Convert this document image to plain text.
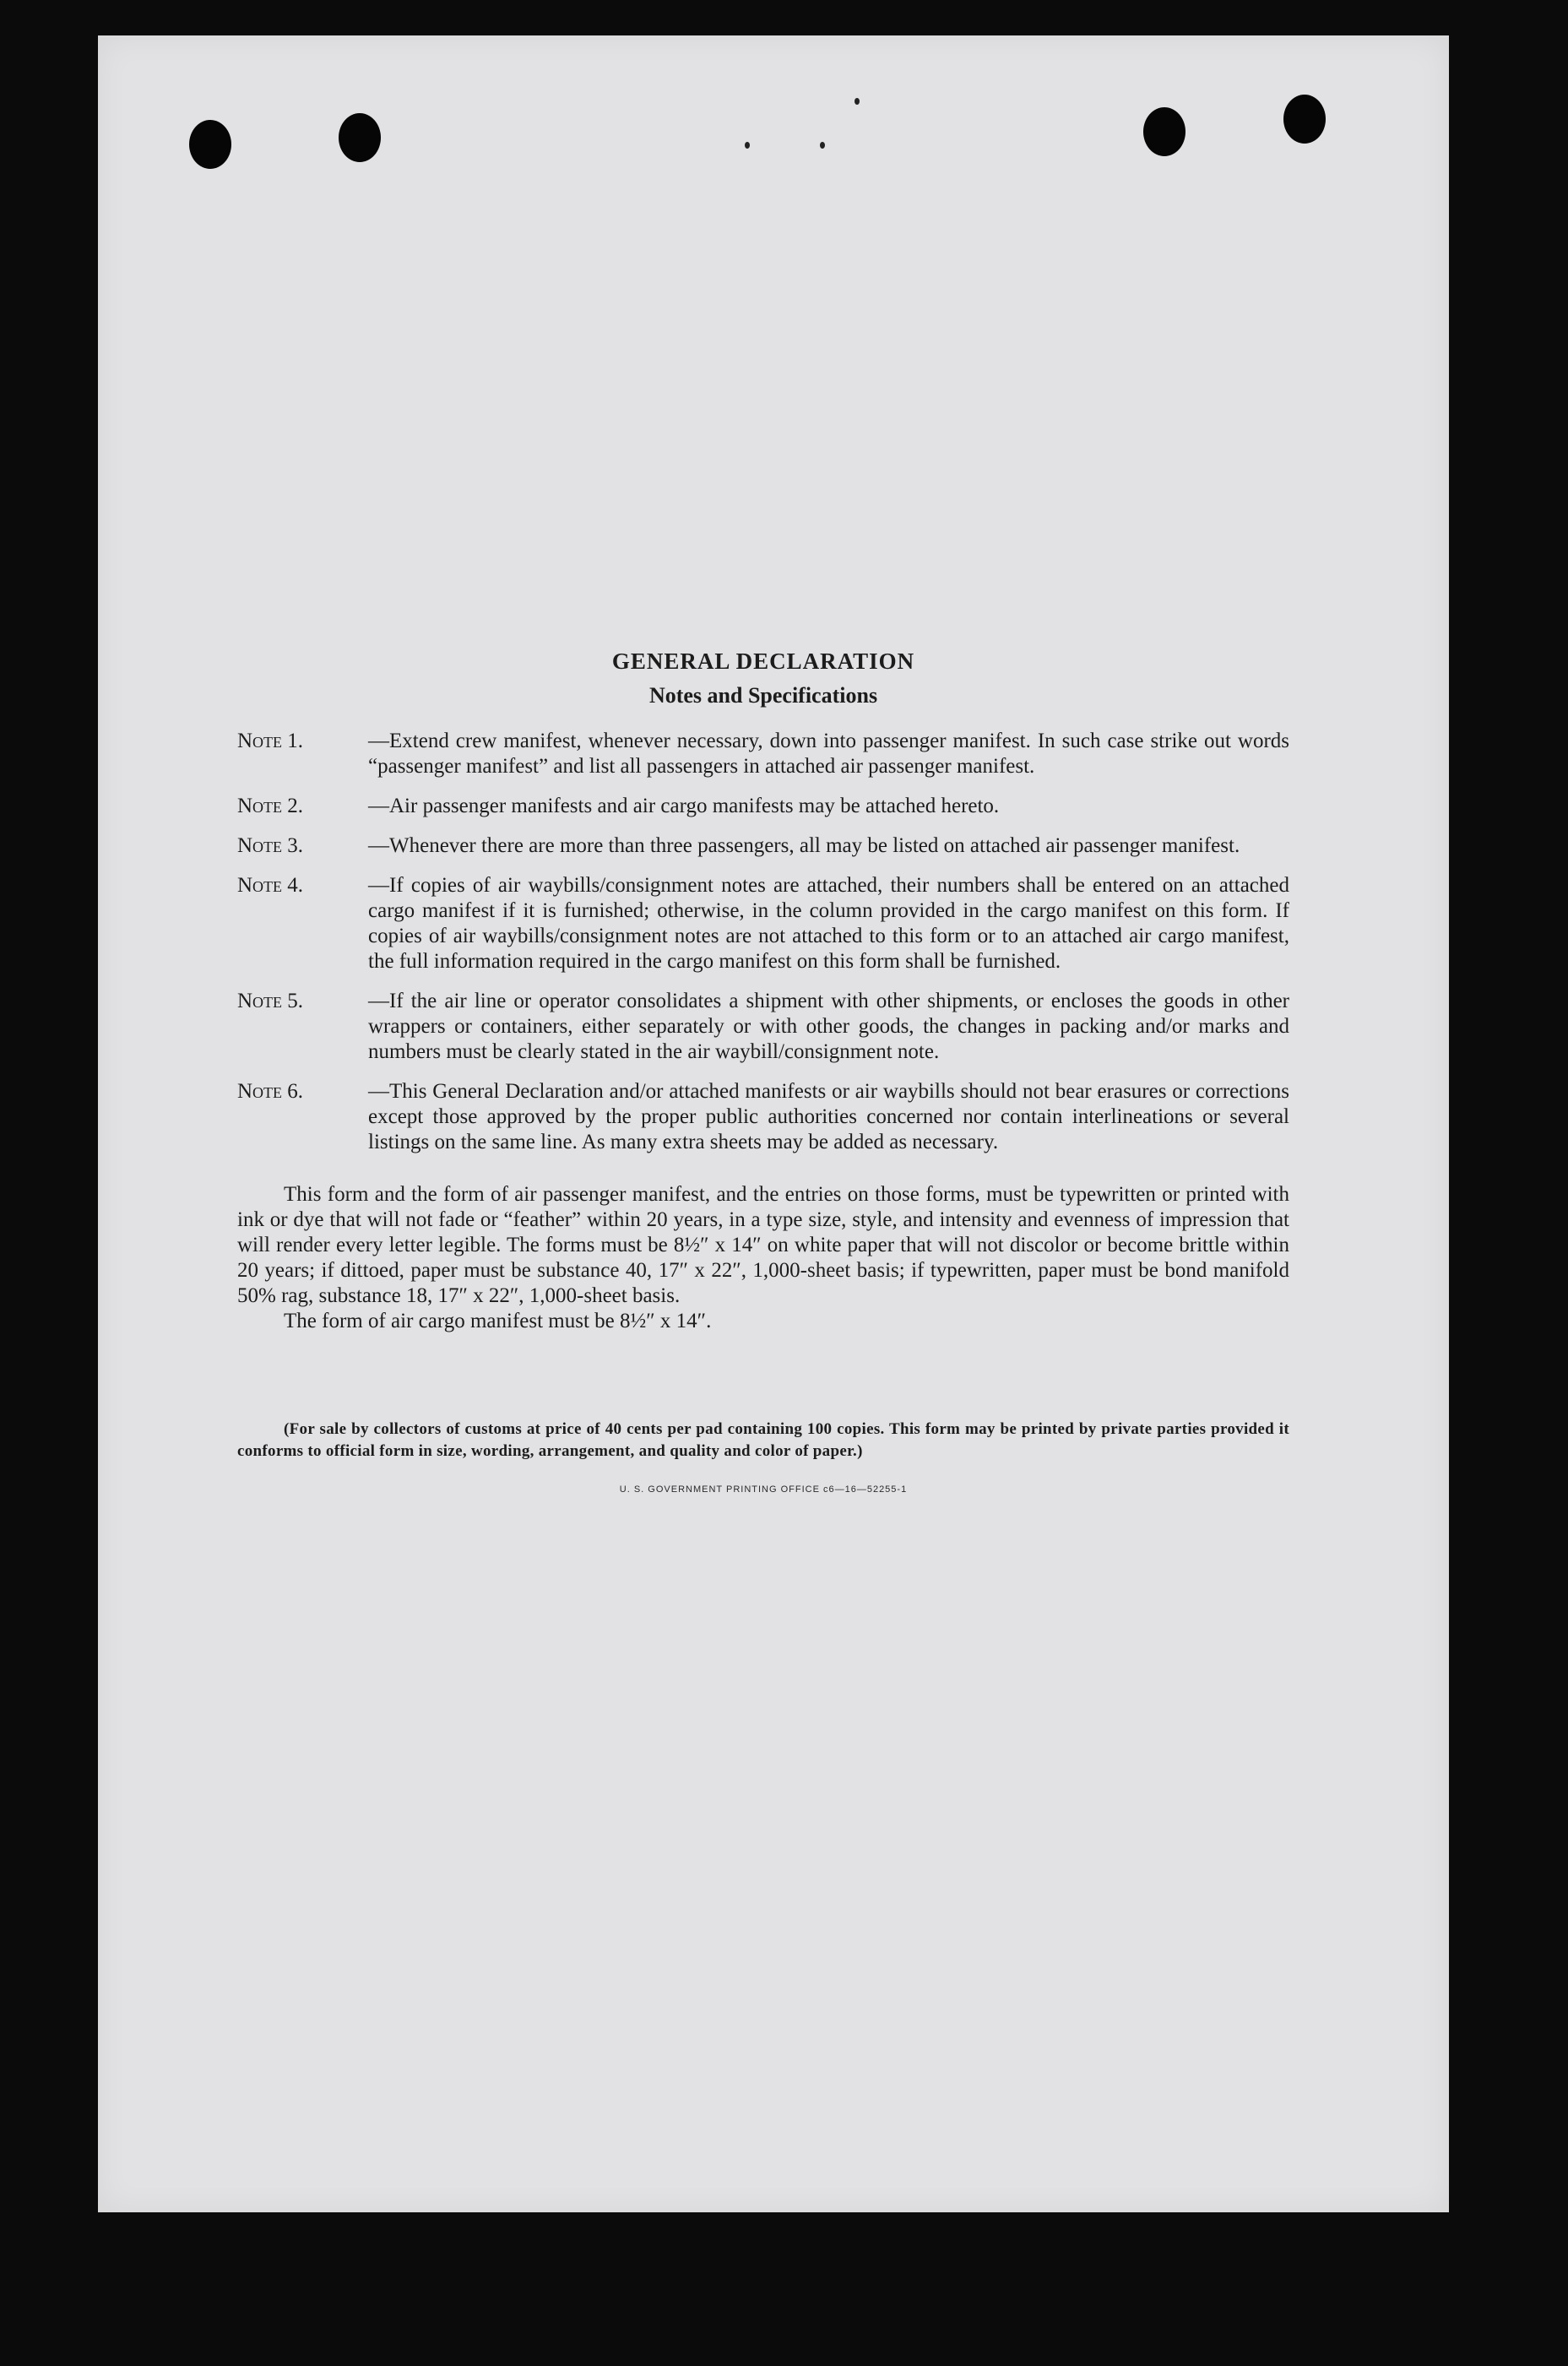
GENERAL DECLARATION
Notes and Specifications
Note 1.	—Extend crew manifest, whenever necessary, down into passenger manifest. In such case strike out words “passenger manifest” and list all passengers in attached air passenger manifest.
Note 2.	—Air passenger manifests and air cargo manifests may be attached hereto.
Note 3.	—Whenever there are more than three passengers, all may be listed on attached air passenger manifest.
Note 4.	—If copies of air waybills/consignment notes are attached, their numbers shall be entered on an attached cargo manifest if it is furnished; otherwise, in the column provided in the cargo manifest on this form. If copies of air waybills/consignment notes are not attached to this form or to an attached air cargo manifest, the full information required in the cargo manifest on this form shall be furnished.
Note 5.	—If the air line or operator consolidates a shipment with other shipments, or encloses the goods in other wrappers or containers, either separately or with other goods, the changes in packing and/or marks and numbers must be clearly stated in the air waybill/consignment note.
Note 6.	—This General Declaration and/or attached manifests or air waybills should not bear erasures or corrections except those approved by the proper public authorities concerned nor contain interlineations or several listings on the same line. As many extra sheets may be added as necessary.

This form and the form of air passenger manifest, and the entries on those forms, must be typewritten or printed with ink or dye that will not fade or “feather” within 20 years, in a type size, style, and intensity and evenness of impression that will render every letter legible. The forms must be 8½″ x 14″ on white paper that will not discolor or become brittle within 20 years; if dittoed, paper must be substance 40, 17″ x 22″, 1,000-sheet basis; if typewritten, paper must be bond manifold 50% rag, substance 18, 17″ x 22″, 1,000-sheet basis.

The form of air cargo manifest must be 8½″ x 14″.

(For sale by collectors of customs at price of 40 cents per pad containing 100 copies. This form may be printed by private parties provided it conforms to official form in size, wording, arrangement, and quality and color of paper.)

U. S. GOVERNMENT PRINTING OFFICE c6—16—52255-1
